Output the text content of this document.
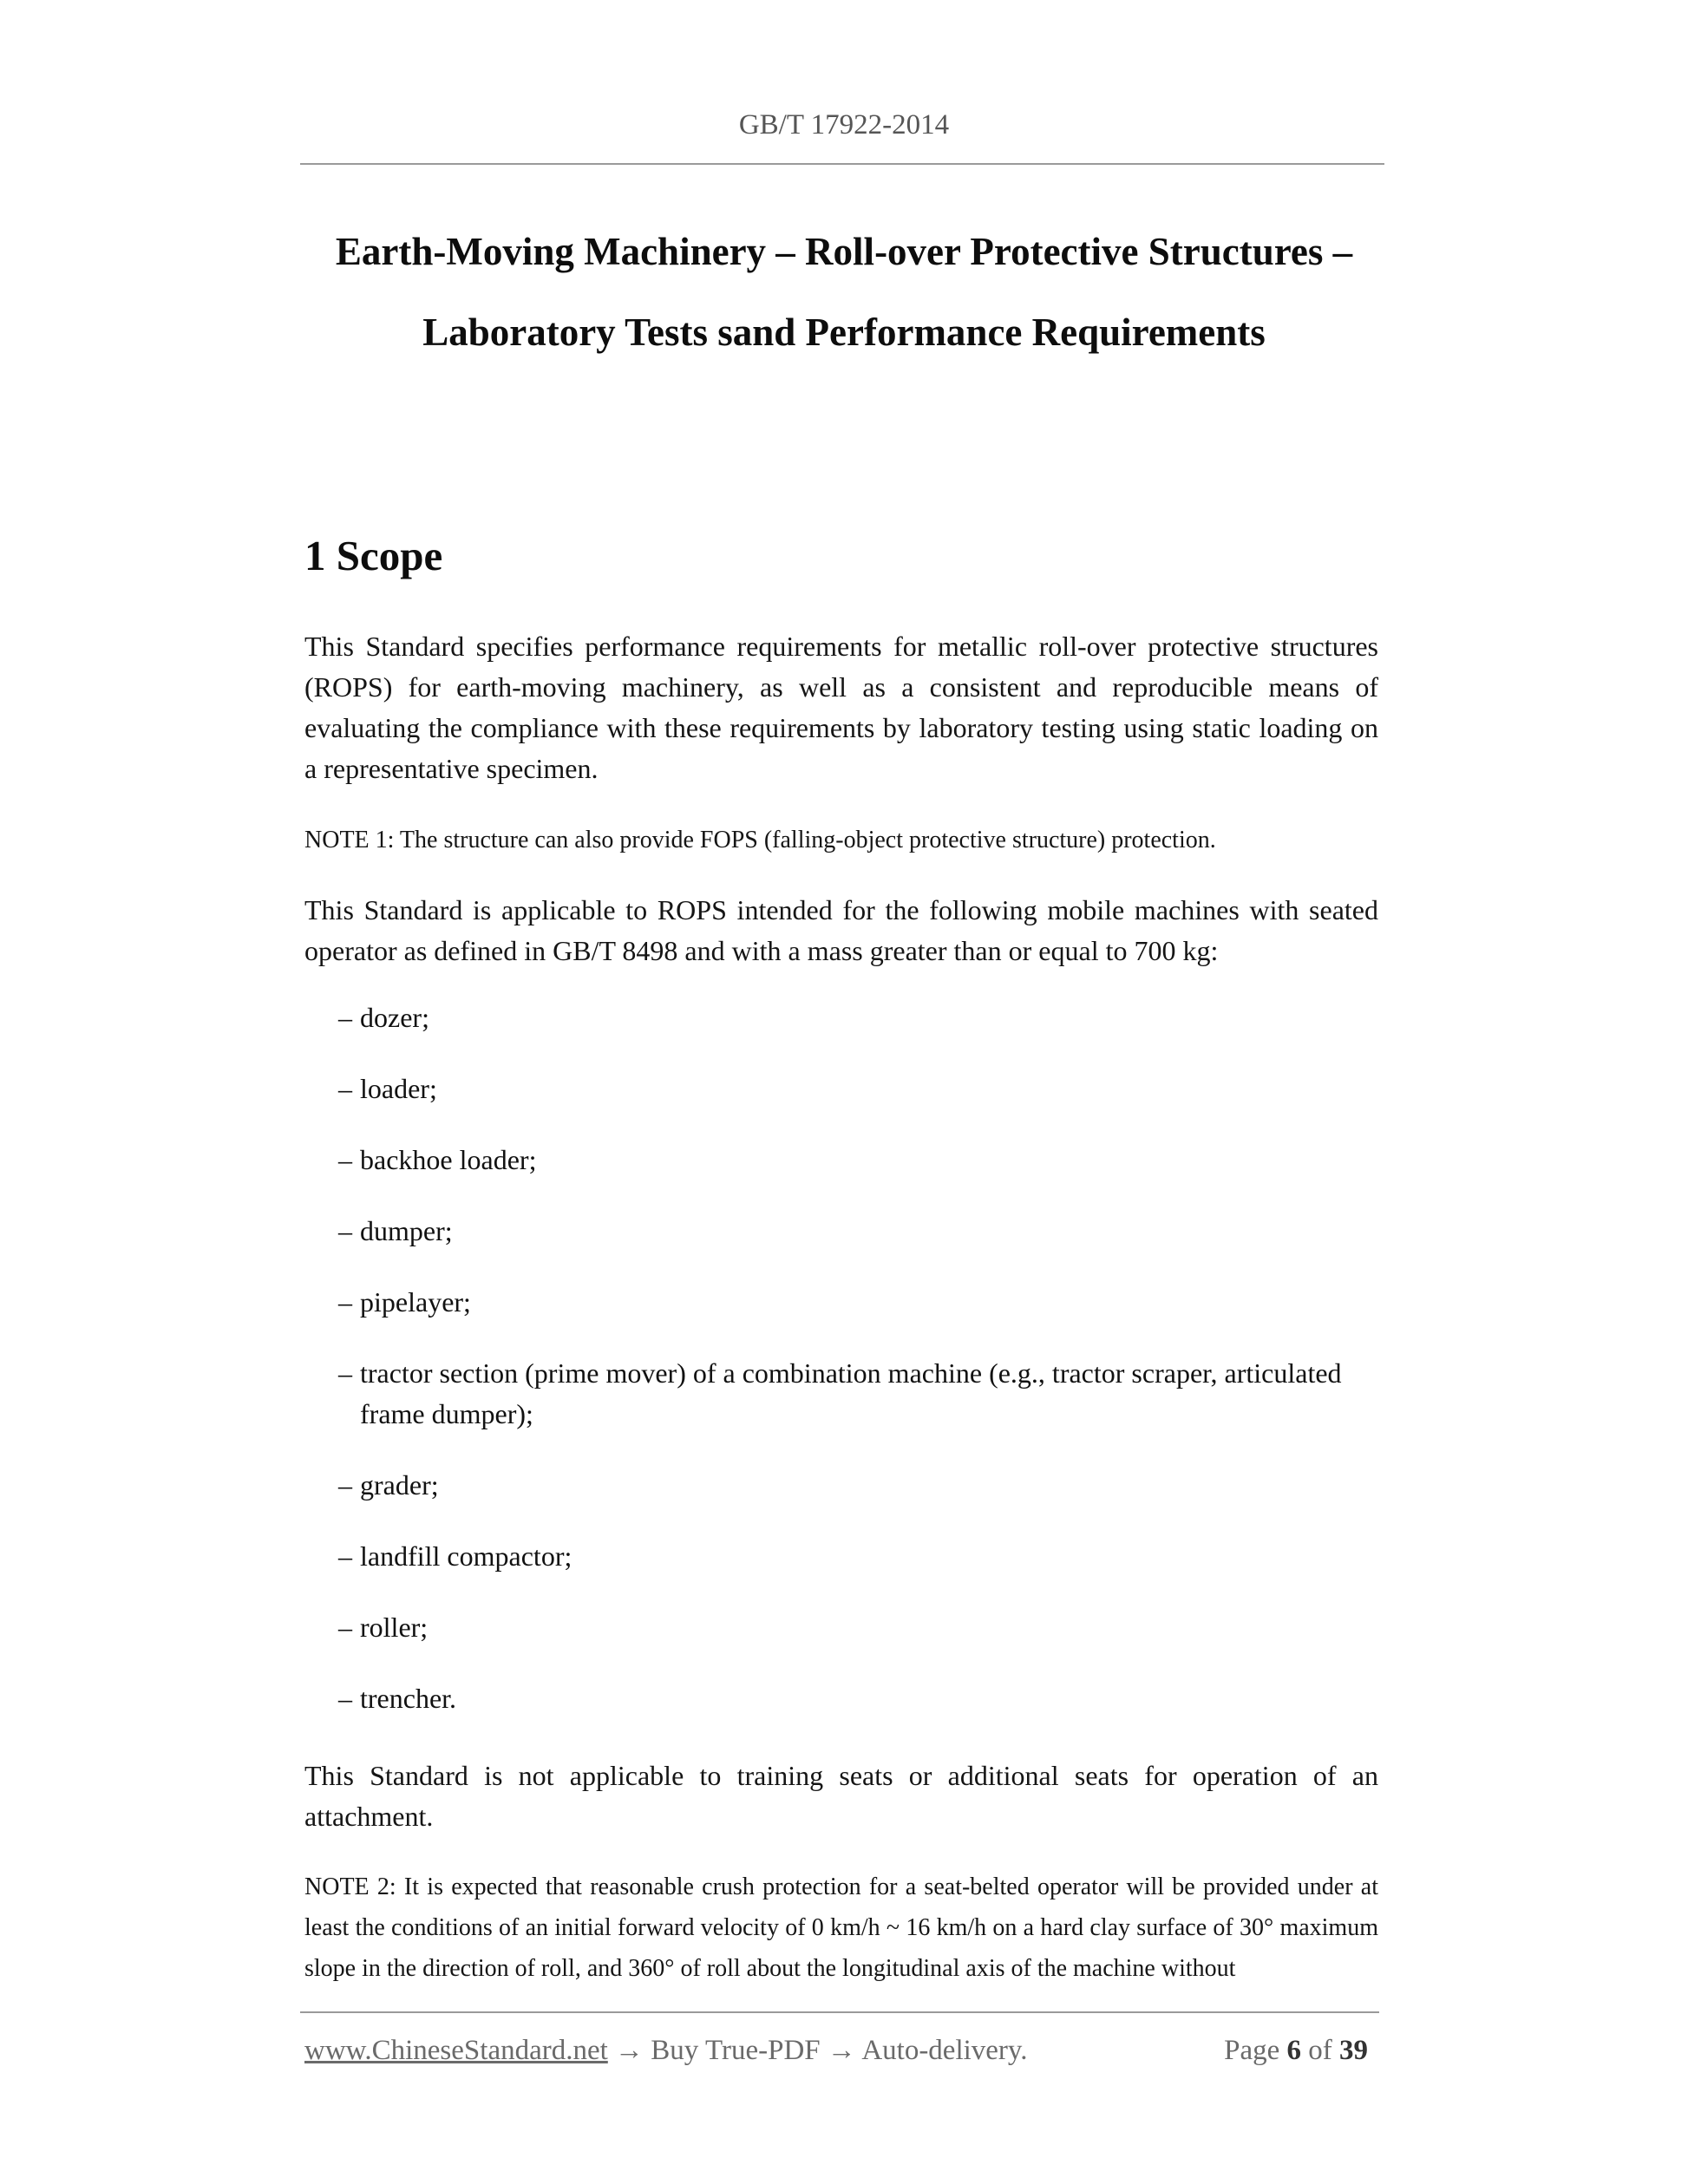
GB/T 17922-2014
Earth-Moving Machinery – Roll-over Protective Structures –
Laboratory Tests sand Performance Requirements
1 Scope
This Standard specifies performance requirements for metallic roll-over protective structures (ROPS) for earth-moving machinery, as well as a consistent and reproducible means of evaluating the compliance with these requirements by laboratory testing using static loading on a representative specimen.
NOTE 1: The structure can also provide FOPS (falling-object protective structure) protection.
This Standard is applicable to ROPS intended for the following mobile machines with seated operator as defined in GB/T 8498 and with a mass greater than or equal to 700 kg:
– dozer;
– loader;
– backhoe loader;
– dumper;
– pipelayer;
– tractor section (prime mover) of a combination machine (e.g., tractor scraper, articulated frame dumper);
– grader;
– landfill compactor;
– roller;
– trencher.
This Standard is not applicable to training seats or additional seats for operation of an attachment.
NOTE 2: It is expected that reasonable crush protection for a seat-belted operator will be provided under at least the conditions of an initial forward velocity of 0 km/h ~ 16 km/h on a hard clay surface of 30° maximum slope in the direction of roll, and 360° of roll about the longitudinal axis of the machine without
www.ChineseStandard.net → Buy True-PDF → Auto-delivery.	Page 6 of 39
